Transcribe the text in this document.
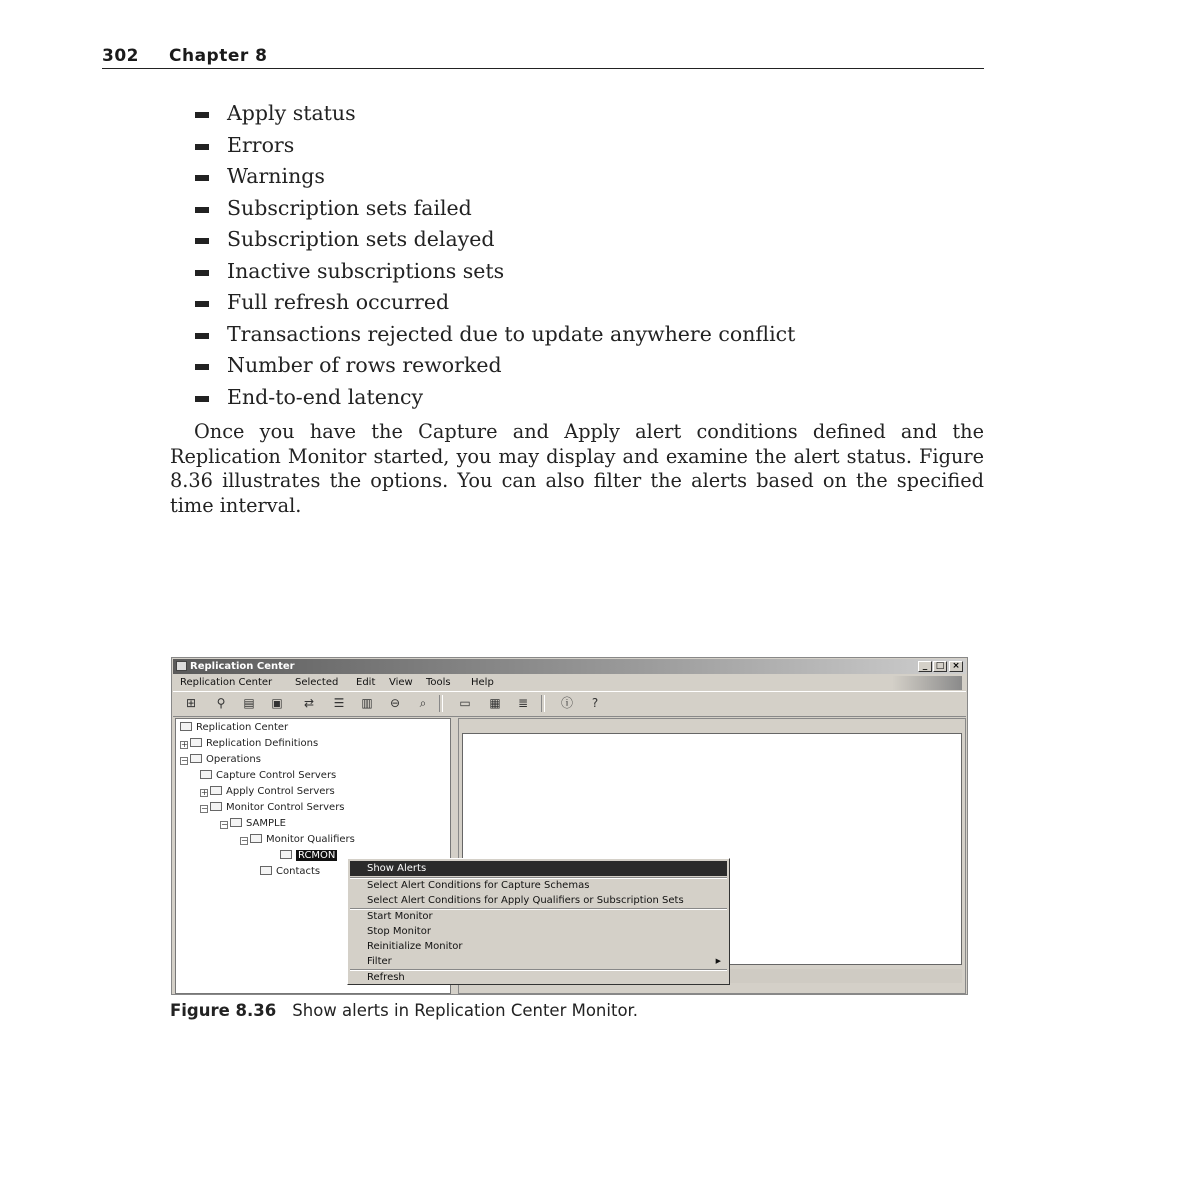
302 Chapter 8
Apply status
Errors
Warnings
Subscription sets failed
Subscription sets delayed
Inactive subscriptions sets
Full refresh occurred
Transactions rejected due to update anywhere conflict
Number of rows reworked
End-to-end latency

Once you have the Capture and Apply alert conditions defined and the Replication Monitor started, you may display and examine the alert status. Figure 8.36 illustrates the options. You can also filter the alerts based on the specified time interval.

Replication Center	_ □ ×
Replication Center Selected Edit View Tools Help
⊞ ⚲	▤ ▣ ⇄ ☰ ▥ ⊖	⌕	▭ ▦ ≣	ⓘ	?
Replication Center
+ Replication Definitions
− Operations
Capture Control Servers
+ Apply Control Servers
− Monitor Control Servers
− SAMPLE
− Monitor Qualifiers
RCMON
Contacts	Show Alerts
Select Alert Conditions for Capture Schemas
Select Alert Conditions for Apply Qualifiers or Subscription Sets
Start Monitor
Stop Monitor
Reinitialize Monitor
Filter	▶
Refresh
Figure 8.36 Show alerts in Replication Center Monitor.
